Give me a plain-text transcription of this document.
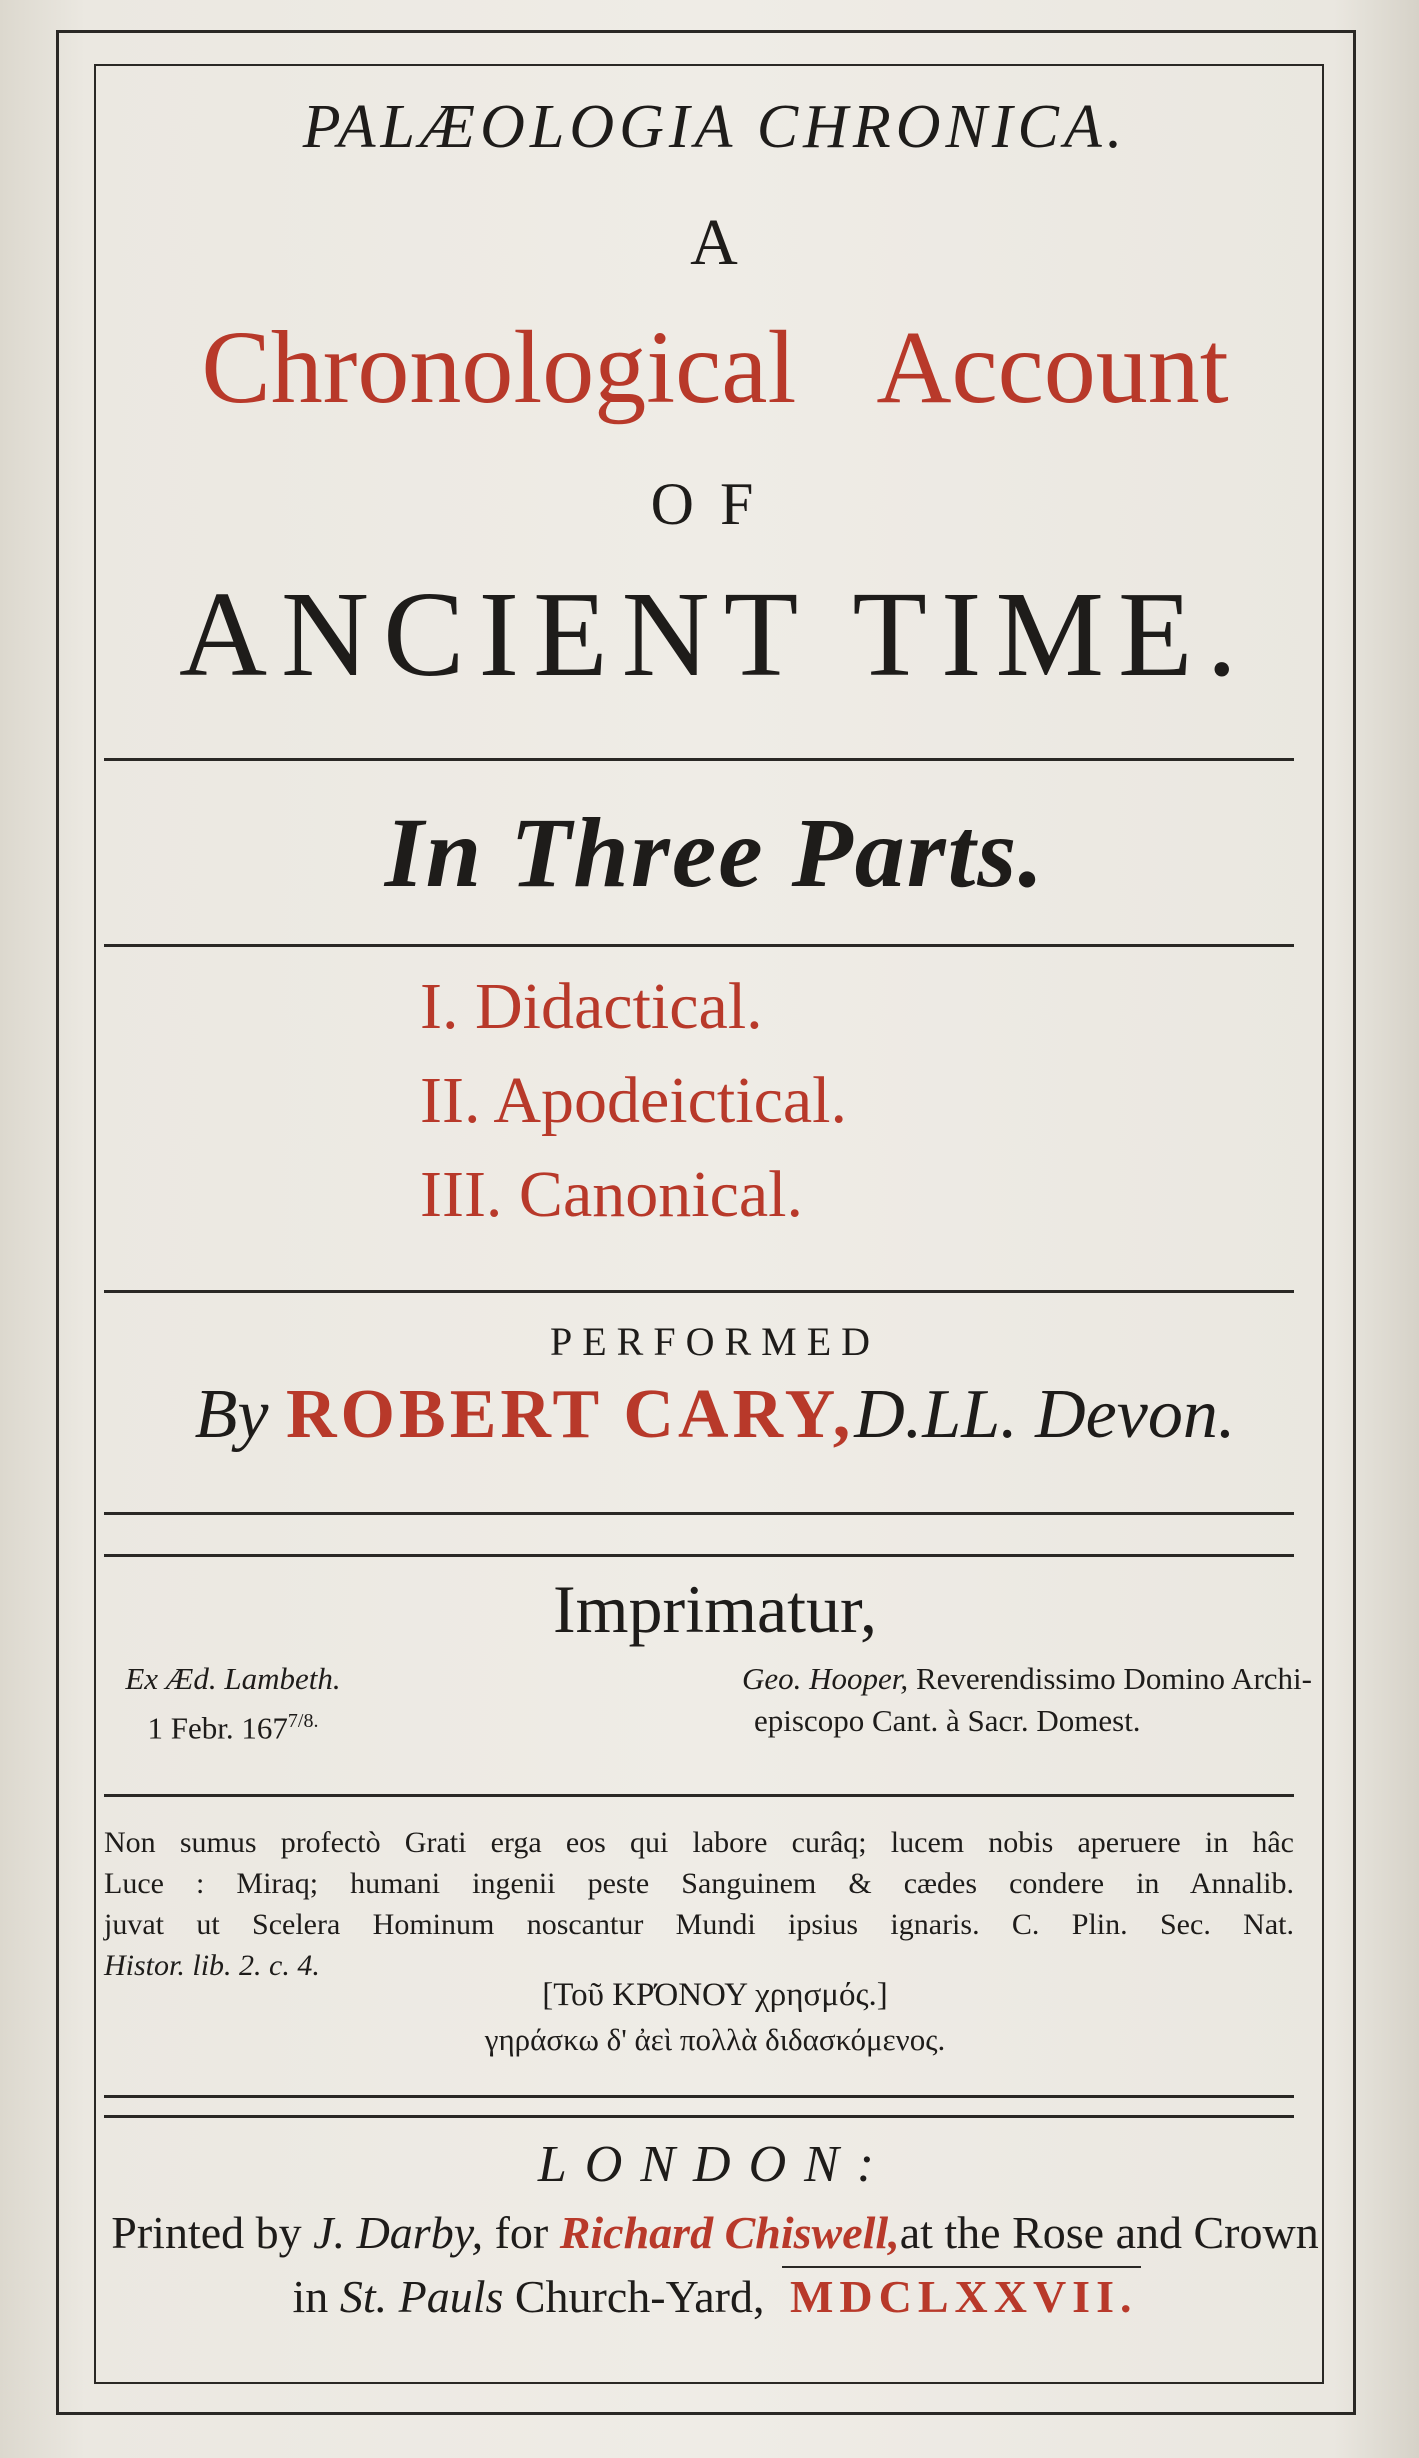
PALÆOLOGIA CHRONICA.
A
Chronological Account
OF
ANCIENT TIME.
In Three Parts.
I. Didactical.
II. Apodeictical.
III. Canonical.
PERFORMED
By ROBERT CARY,D.LL. Devon.
Imprimatur,
Ex Æd. Lambeth.
1 Febr. $167^{7/8.}$
Geo. Hooper, Reverendissimo Domino Archi-
episcopo Cant. à Sacr. Domest.
Non sumus profectò Grati erga eos qui labore curâq; lucem nobis aperuere in hâc
Luce : Miraq; humani ingenii peste Sanguinem & cædes condere in Annalib.
juvat ut Scelera Hominum noscantur Mundi ipsius ignaris. C. Plin. Sec. Nat.
Histor. lib. 2. c. 4.
[Τοῦ ΚΡΌΝΟΥ χρησμός.]
γηράσκω δ' ἀεὶ πολλὰ διδασκόμενος.
LONDON:
Printed by J. Darby, for Richard Chiswell,at the Rose and Crown
in St. Pauls Church-Yard, MDCLXXVII.
